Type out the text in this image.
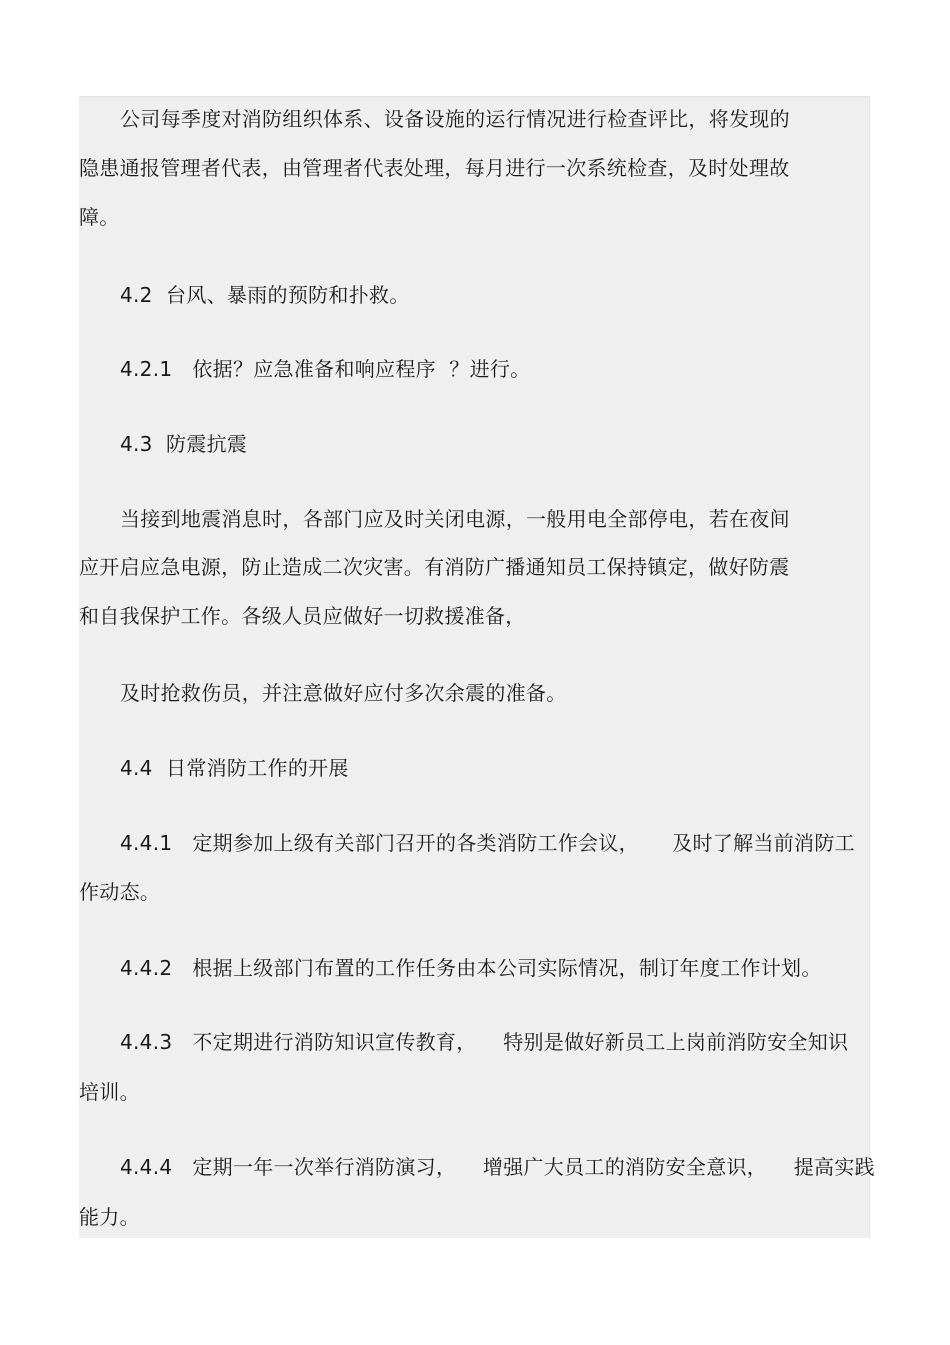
公司每季度对消防组织体系、设备设施的运行情况进行检查评比，将发现的
隐患通报管理者代表，由管理者代表处理，每月进行一次系统检查，及时处理故
障。
4.2  台风、暴雨的预防和扑救。
4.2.1   依据？应急准备和响应程序  ？进行。
4.3  防震抗震
当接到地震消息时，各部门应及时关闭电源，一般用电全部停电，若在夜间
应开启应急电源，防止造成二次灾害。有消防广播通知员工保持镇定，做好防震
和自我保护工作。各级人员应做好一切救援准备，
及时抢救伤员，并注意做好应付多次余震的准备。
4.4  日常消防工作的开展
4.4.1   定期参加上级有关部门召开的各类消防工作会议，     及时了解当前消防工
作动态。
4.4.2   根据上级部门布置的工作任务由本公司实际情况，制订年度工作计划。
4.4.3   不定期进行消防知识宣传教育，    特别是做好新员工上岗前消防安全知识
培训。
4.4.4   定期一年一次举行消防演习，    增强广大员工的消防安全意识，    提高实践
能力。
